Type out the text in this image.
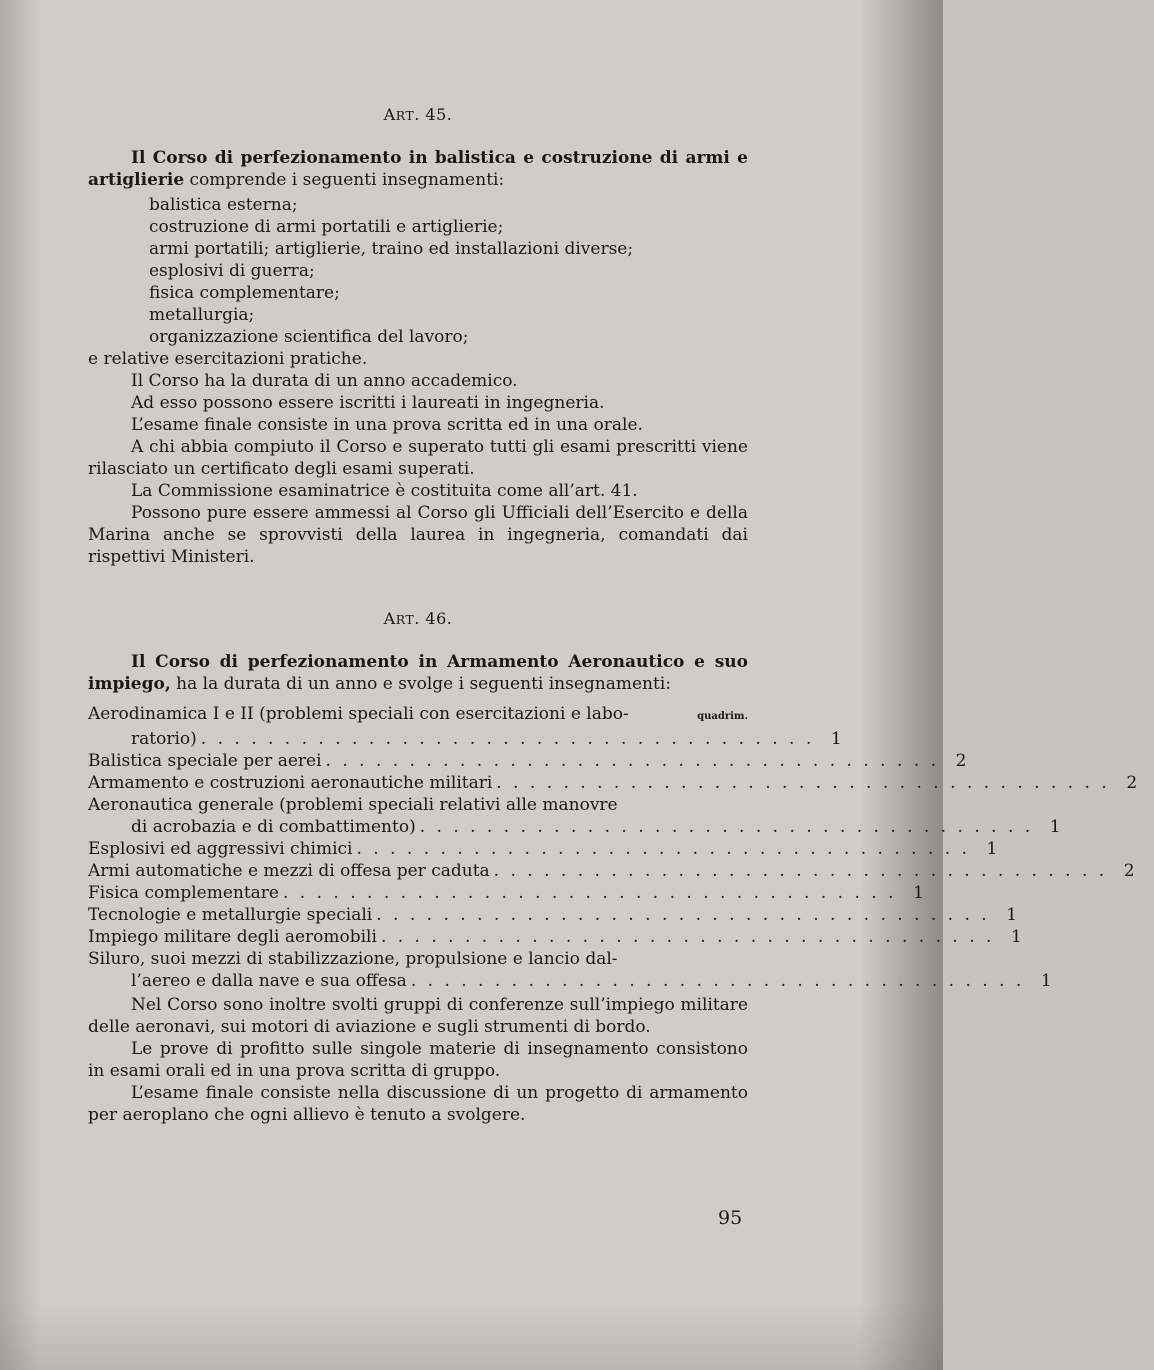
ART. 45.

Il Corso di perfezionamento in balistica e costruzione di armi e artiglierie comprende i seguenti insegnamenti:

balistica esterna;
costruzione di armi portatili e artiglierie;
armi portatili; artiglierie, traino ed installazioni diverse;
esplosivi di guerra;
fisica complementare;
metallurgia;
organizzazione scientifica del lavoro;

e relative esercitazioni pratiche.

Il Corso ha la durata di un anno accademico.

Ad esso possono essere iscritti i laureati in ingegneria.

L’esame finale consiste in una prova scritta ed in una orale.

A chi abbia compiuto il Corso e superato tutti gli esami prescritti viene rilasciato un certificato degli esami superati.

La Commissione esaminatrice è costituita come all’art. 41.

Possono pure essere ammessi al Corso gli Ufficiali dell’Esercito e della Marina anche se sprovvisti della laurea in ingegneria, comandati dai rispettivi Ministeri.

ART. 46.

Il Corso di perfezionamento in Armamento Aeronautico e suo impiego, ha la durata di un anno e svolge i seguenti insegnamenti:

Aerodinamica I e II (problemi speciali con esercitazioni e labo-	quadrim.
ratorio) . . . . . . . . . . . . . . . . . . . . . . . . . . . . . . . . . . . . . 1
Balistica speciale per aerei . . . . . . . . . . . . . . . . . . . . . . . . . . . . . . . . . . . . . 2
Armamento e costruzioni aeronautiche militari . . . . . . . . . . . . . . . . . . . . . . . . . . . . . . . . . . . . . 2
Aeronautica generale (problemi speciali relativi alle manovre
di acrobazia e di combattimento) . . . . . . . . . . . . . . . . . . . . . . . . . . . . . . . . . . . . . 1
Esplosivi ed aggressivi chimici . . . . . . . . . . . . . . . . . . . . . . . . . . . . . . . . . . . . . 1
Armi automatiche e mezzi di offesa per caduta . . . . . . . . . . . . . . . . . . . . . . . . . . . . . . . . . . . . . 2
Fisica complementare . . . . . . . . . . . . . . . . . . . . . . . . . . . . . . . . . . . . . 1
Tecnologie e metallurgie speciali . . . . . . . . . . . . . . . . . . . . . . . . . . . . . . . . . . . . . 1
Impiego militare degli aeromobili . . . . . . . . . . . . . . . . . . . . . . . . . . . . . . . . . . . . . 1
Siluro, suoi mezzi di stabilizzazione, propulsione e lancio dal-
l’aereo e dalla nave e sua offesa . . . . . . . . . . . . . . . . . . . . . . . . . . . . . . . . . . . . . 1

Nel Corso sono inoltre svolti gruppi di conferenze sull’impiego militare delle aeronavi, sui motori di aviazione e sugli strumenti di bordo.

Le prove di profitto sulle singole materie di insegnamento consistono in esami orali ed in una prova scritta di gruppo.

L’esame finale consiste nella discussione di un progetto di armamento per aeroplano che ogni allievo è tenuto a svolgere.

95
